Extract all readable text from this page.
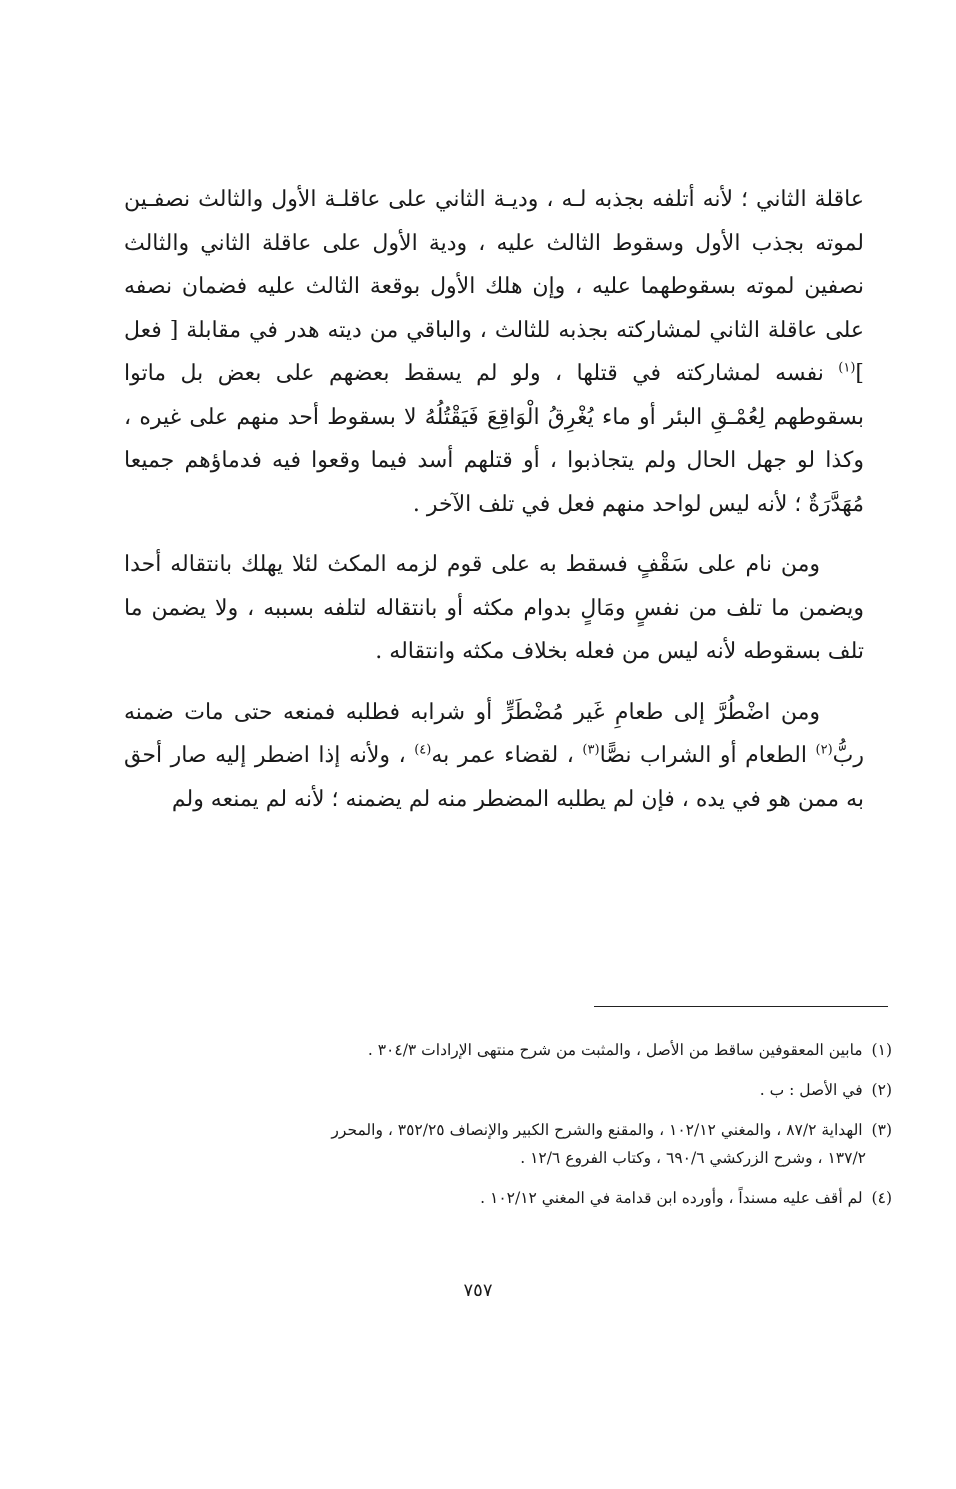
عاقلة الثاني ؛ لأنه أتلفه بجذبه لـه ، وديـة الثاني على عاقلـة الأول والثالث نصفـين لموته بجذب الأول وسقوط الثالث عليه ، ودية الأول على عاقلة الثاني والثالث نصفين لموته بسقوطهما عليه ، وإن هلك الأول بوقعة الثالث عليه فضمان نصفه على عاقلة الثاني لمشاركته بجذبه للثالث ، والباقي من ديته هدر في مقابلة [ فعل ]$^{(١)}$ نفسه لمشاركته في قتلها ، ولو لم يسقط بعضهم على بعض بل ماتوا بسقوطهم لِعُمْـقِ البئر أو ماء يُغْرِقُ الْوَاقِعَ فَيَقْتُلُهُ لا بسقوط أحد منهم على غيره ، وكذا لو جهل الحال ولم يتجاذبوا ، أو قتلهم أسد فيما وقعوا فيه فدماؤهم جميعا مُهَدَّرَةٌ ؛ لأنه ليس لواحد منهم فعل في تلف الآخر .

ومن نام على سَقْفٍ فسقط به على قوم لزمه المكث لئلا يهلك بانتقاله أحدا ويضمن ما تلف من نفسٍ ومَالٍ بدوام مكثه أو بانتقاله لتلفه بسببه ، ولا يضمن ما تلف بسقوطه لأنه ليس من فعله بخلاف مكثه وانتقاله .

ومن اضْطُرَّ إلى طعامِ غَير مُضْطَرٍّ أو شرابه فطلبه فمنعه حتى مات ضمنه ربُّ$^{(٢)}$ الطعام أو الشراب نصًّا$^{(٣)}$ ، لقضاء عمر به$^{(٤)}$ ، ولأنه إذا اضطر إليه صار أحق به ممن هو في يده ، فإن لم يطلبه المضطر منه لم يضمنه ؛ لأنه لم يمنعه ولم

(١) مابين المعقوفين ساقط من الأصل ، والمثبت من شرح منتهى الإرادات ٣٠٤/٣ .

(٢) في الأصل : ب .

(٣) الهداية ٨٧/٢ ، والمغني ١٠٢/١٢ ، والمقنع والشرح الكبير والإنصاف ٣٥٢/٢٥ ، والمحرر
١٣٧/٢ ، وشرح الزركشي ٦٩٠/٦ ، وكتاب الفروع ١٢/٦ .

(٤) لم أقف عليه مسنداً ، وأورده ابن قدامة في المغني ١٠٢/١٢ .

٧٥٧
